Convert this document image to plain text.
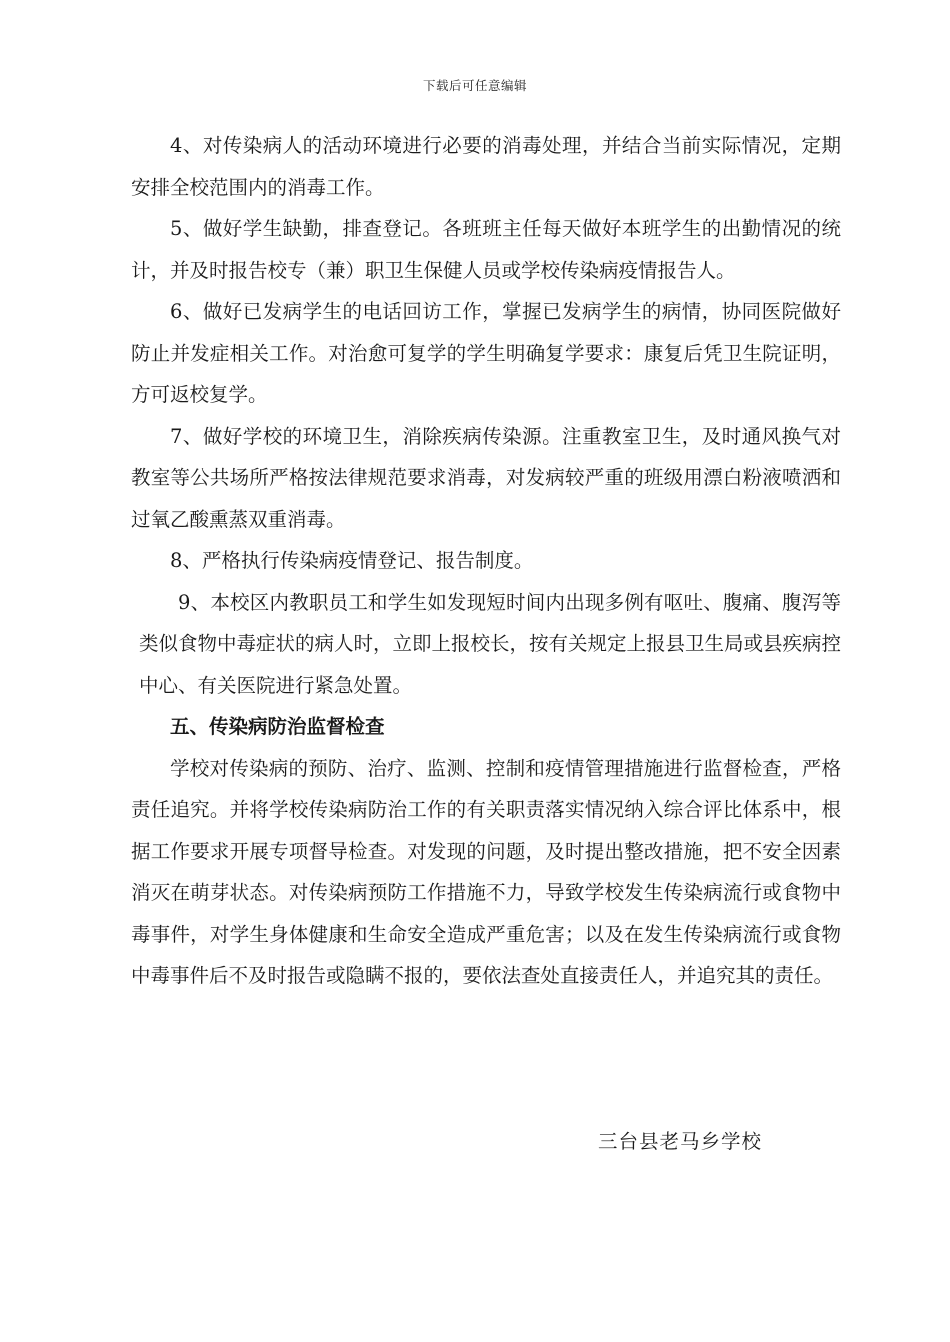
下载后可任意编辑

4、对传染病人的活动环境进行必要的消毒处理，并结合当前实际情况，定期安排全校范围内的消毒工作。

5、做好学生缺勤，排查登记。各班班主任每天做好本班学生的出勤情况的统计，并及时报告校专（兼）职卫生保健人员或学校传染病疫情报告人。

6、做好已发病学生的电话回访工作，掌握已发病学生的病情，协同医院做好防止并发症相关工作。对治愈可复学的学生明确复学要求：康复后凭卫生院证明，方可返校复学。

7、做好学校的环境卫生，消除疾病传染源。注重教室卫生，及时通风换气对教室等公共场所严格按法律规范要求消毒，对发病较严重的班级用漂白粉液喷洒和过氧乙酸熏蒸双重消毒。

8、严格执行传染病疫情登记、报告制度。

9、本校区内教职员工和学生如发现短时间内出现多例有呕吐、腹痛、腹泻等类似食物中毒症状的病人时，立即上报校长，按有关规定上报县卫生局或县疾病控中心、有关医院进行紧急处置。

五、传染病防治监督检查

学校对传染病的预防、治疗、监测、控制和疫情管理措施进行监督检查，严格责任追究。并将学校传染病防治工作的有关职责落实情况纳入综合评比体系中，根据工作要求开展专项督导检查。对发现的问题，及时提出整改措施，把不安全因素消灭在萌芽状态。对传染病预防工作措施不力，导致学校发生传染病流行或食物中毒事件，对学生身体健康和生命安全造成严重危害；以及在发生传染病流行或食物中毒事件后不及时报告或隐瞒不报的，要依法查处直接责任人，并追究其的责任。

三台县老马乡学校
